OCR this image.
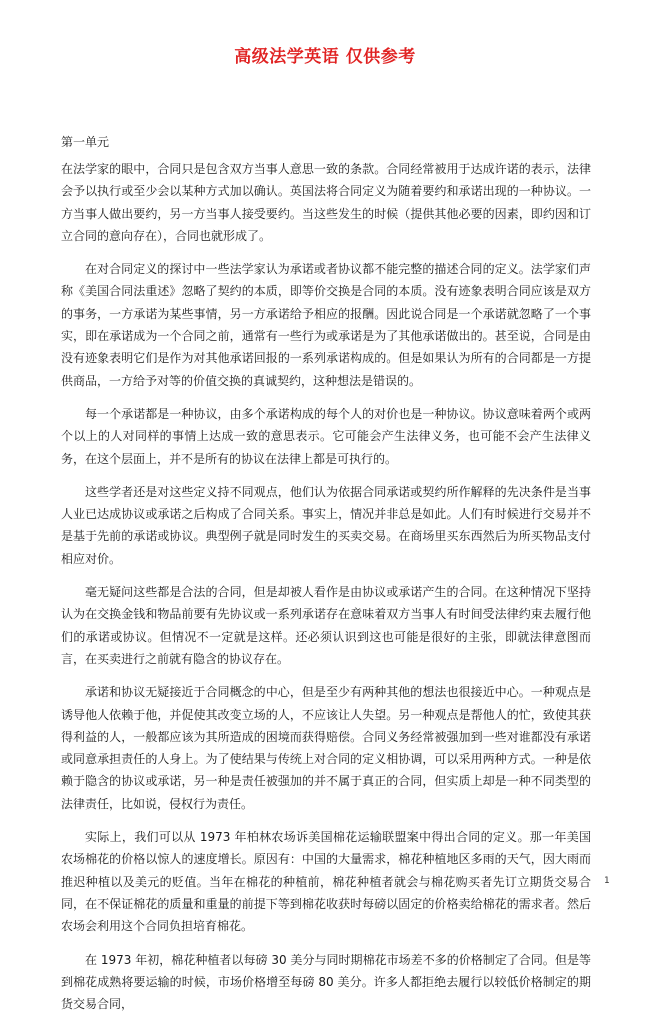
高级法学英语 仅供参考

第一单元

在法学家的眼中，合同只是包含双方当事人意思一致的条款。合同经常被用于达成许诺的表示，法律会予以执行或至少会以某种方式加以确认。英国法将合同定义为随着要约和承诺出现的一种协议。一方当事人做出要约，另一方当事人接受要约。当这些发生的时候（提供其他必要的因素，即约因和订立合同的意向存在），合同也就形成了。

在对合同定义的探讨中一些法学家认为承诺或者协议都不能完整的描述合同的定义。法学家们声称《美国合同法重述》忽略了契约的本质，即等价交换是合同的本质。没有迹象表明合同应该是双方的事务，一方承诺为某些事情，另一方承诺给予相应的报酬。因此说合同是一个承诺就忽略了一个事实，即在承诺成为一个合同之前，通常有一些行为或承诺是为了其他承诺做出的。甚至说，合同是由没有迹象表明它们是作为对其他承诺回报的一系列承诺构成的。但是如果认为所有的合同都是一方提供商品，一方给予对等的价值交换的真诚契约，这种想法是错误的。

每一个承诺都是一种协议，由多个承诺构成的每个人的对价也是一种协议。协议意味着两个或两个以上的人对同样的事情上达成一致的意思表示。它可能会产生法律义务，也可能不会产生法律义务，在这个层面上，并不是所有的协议在法律上都是可执行的。

这些学者还是对这些定义持不同观点，他们认为依据合同承诺或契约所作解释的先决条件是当事人业已达成协议或承诺之后构成了合同关系。事实上，情况并非总是如此。人们有时候进行交易并不是基于先前的承诺或协议。典型例子就是同时发生的买卖交易。在商场里买东西然后为所买物品支付相应对价。

毫无疑问这些都是合法的合同，但是却被人看作是由协议或承诺产生的合同。在这种情况下坚持认为在交换金钱和物品前要有先协议或一系列承诺存在意味着双方当事人有时间受法律约束去履行他们的承诺或协议。但情况不一定就是这样。还必须认识到这也可能是很好的主张，即就法律意图而言，在买卖进行之前就有隐含的协议存在。

承诺和协议无疑接近于合同概念的中心，但是至少有两种其他的想法也很接近中心。一种观点是诱导他人依赖于他，并促使其改变立场的人，不应该让人失望。另一种观点是帮他人的忙，致使其获得利益的人，一般都应该为其所造成的困境而获得赔偿。合同义务经常被强加到一些对谁都没有承诺或同意承担责任的人身上。为了使结果与传统上对合同的定义相协调，可以采用两种方式。一种是依赖于隐含的协议或承诺，另一种是责任被强加的并不属于真正的合同，但实质上却是一种不同类型的法律责任，比如说，侵权行为责任。

实际上，我们可以从 1973 年柏林农场诉美国棉花运输联盟案中得出合同的定义。那一年美国农场棉花的价格以惊人的速度增长。原因有：中国的大量需求，棉花种植地区多雨的天气，因大雨而推迟种植以及美元的贬值。当年在棉花的种植前，棉花种植者就会与棉花购买者先订立期货交易合同，在不保证棉花的质量和重量的前提下等到棉花收获时每磅以固定的价格卖给棉花的需求者。然后农场会利用这个合同负担培育棉花。

在 1973 年初，棉花种植者以每磅 30 美分与同时期棉花市场差不多的价格制定了合同。但是等到棉花成熟将要运输的时候，市场价格增至每磅 80 美分。许多人都拒绝去履行以较低价格制定的期货交易合同，

1
